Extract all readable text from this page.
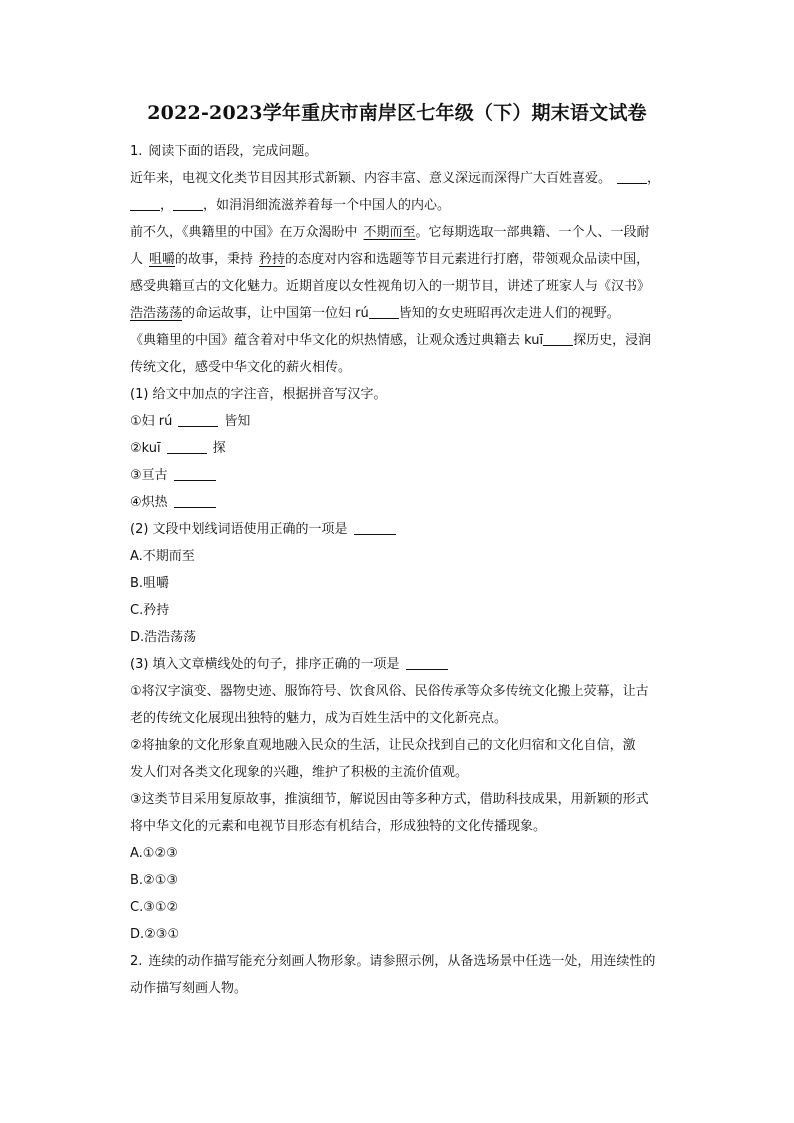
2022-2023学年重庆市南岸区七年级（下）期末语文试卷
1. 阅读下面的语段，完成问题。
近年来，电视文化类节目因其形式新颖、内容丰富、意义深远而深得广大百姓喜爱。	，
， ，如涓涓细流滋养着每一个中国人的内心。
前不久，《典籍里的中国》在万众渴盼中 不期而至。它每期选取一部典籍、一个人、一段耐
人 咀嚼的故事，秉持 矜持的态度对内容和选题等节目元素进行打磨，带领观众品读中国，
感受典籍亘古的文化魅力。近期首度以女性视角切入的一期节目，讲述了班家人与《汉书》
浩浩荡荡的命运故事，让中国第一位妇 rú 皆知的女史班昭再次走进人们的视野。
《典籍里的中国》蕴含着对中华文化的炽热情感，让观众透过典籍去 kuī 探历史，浸润
传统文化，感受中华文化的薪火相传。
(1) 给文中加点的字注音，根据拼音写汉字。
①妇 rú	皆知
②kuī	探
③亘古
④炽热
(2) 文段中划线词语使用正确的一项是
A.不期而至
B.咀嚼
C.矜持
D.浩浩荡荡
(3) 填入文章横线处的句子，排序正确的一项是
①将汉字演变、器物史迹、服饰符号、饮食风俗、民俗传承等众多传统文化搬上荧幕，让古
老的传统文化展现出独特的魅力，成为百姓生活中的文化新亮点。
②将抽象的文化形象直观地融入民众的生活，让民众找到自己的文化归宿和文化自信，激
发人们对各类文化现象的兴趣，维护了积极的主流价值观。
③这类节目采用复原故事，推演细节，解说因由等多种方式，借助科技成果，用新颖的形式
将中华文化的元素和电视节目形态有机结合，形成独特的文化传播现象。
A.①②③
B.②①③
C.③①②
D.②③①
2. 连续的动作描写能充分刻画人物形象。请参照示例，从备选场景中任选一处，用连续性的
动作描写刻画人物。
